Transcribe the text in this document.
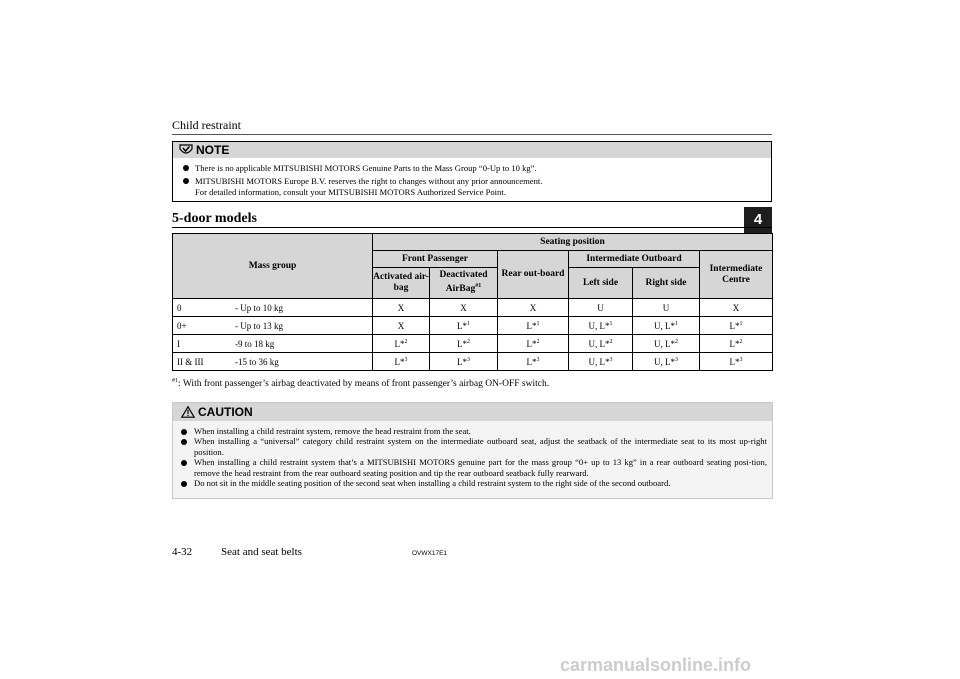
Child restraint
4
NOTE
There is no applicable MITSUBISHI MOTORS Genuine Parts to the Mass Group “0-Up to 10 kg”.
MITSUBISHI MOTORS Europe B.V. reserves the right to changes without any prior announcement.
For detailed information, consult your MITSUBISHI MOTORS Authorized Service Point.
5-door models
Mass group	Seating position					
	Front Passenger		Rear out-board	Intermediate Outboard		Intermediate Centre
	Activated air-bag	Deactivated AirBag$^{\#1}$		Left side	Right side	
0 - Up to 10 kg	X	X	X	U	U	X
0+ - Up to 13 kg	X	L*$^1$	L*$^1$	U, L*$^1$	U, L*$^1$	L*$^1$
I -9 to 18 kg	L*$^2$	L*$^2$	L*$^2$	U, L*$^2$	U, L*$^2$	L*$^2$
II & III -15 to 36 kg	L*$^3$	L*$^3$	L*$^3$	U, L*$^3$	U, L*$^3$	L*$^3$
$^{\#1}$: With front passenger’s airbag deactivated by means of front passenger’s airbag ON-OFF switch.
CAUTION
When installing a child restraint system, remove the head restraint from the seat.
When installing a “universal” category child restraint system on the intermediate outboard seat, adjust the seatback of the intermediate seat to its most up-right position.
When installing a child restraint system that’s a MITSUBISHI MOTORS genuine part for the mass group “0+ up to 13 kg” in a rear outboard seating posi-tion, remove the head restraint from the rear outboard seating position and tip the rear outboard seatback fully rearward.
Do not sit in the middle seating position of the second seat when installing a child restraint system to the right side of the second outboard.
4-32	Seat and seat belts	OVWX17E1
carmanualsonline.info
